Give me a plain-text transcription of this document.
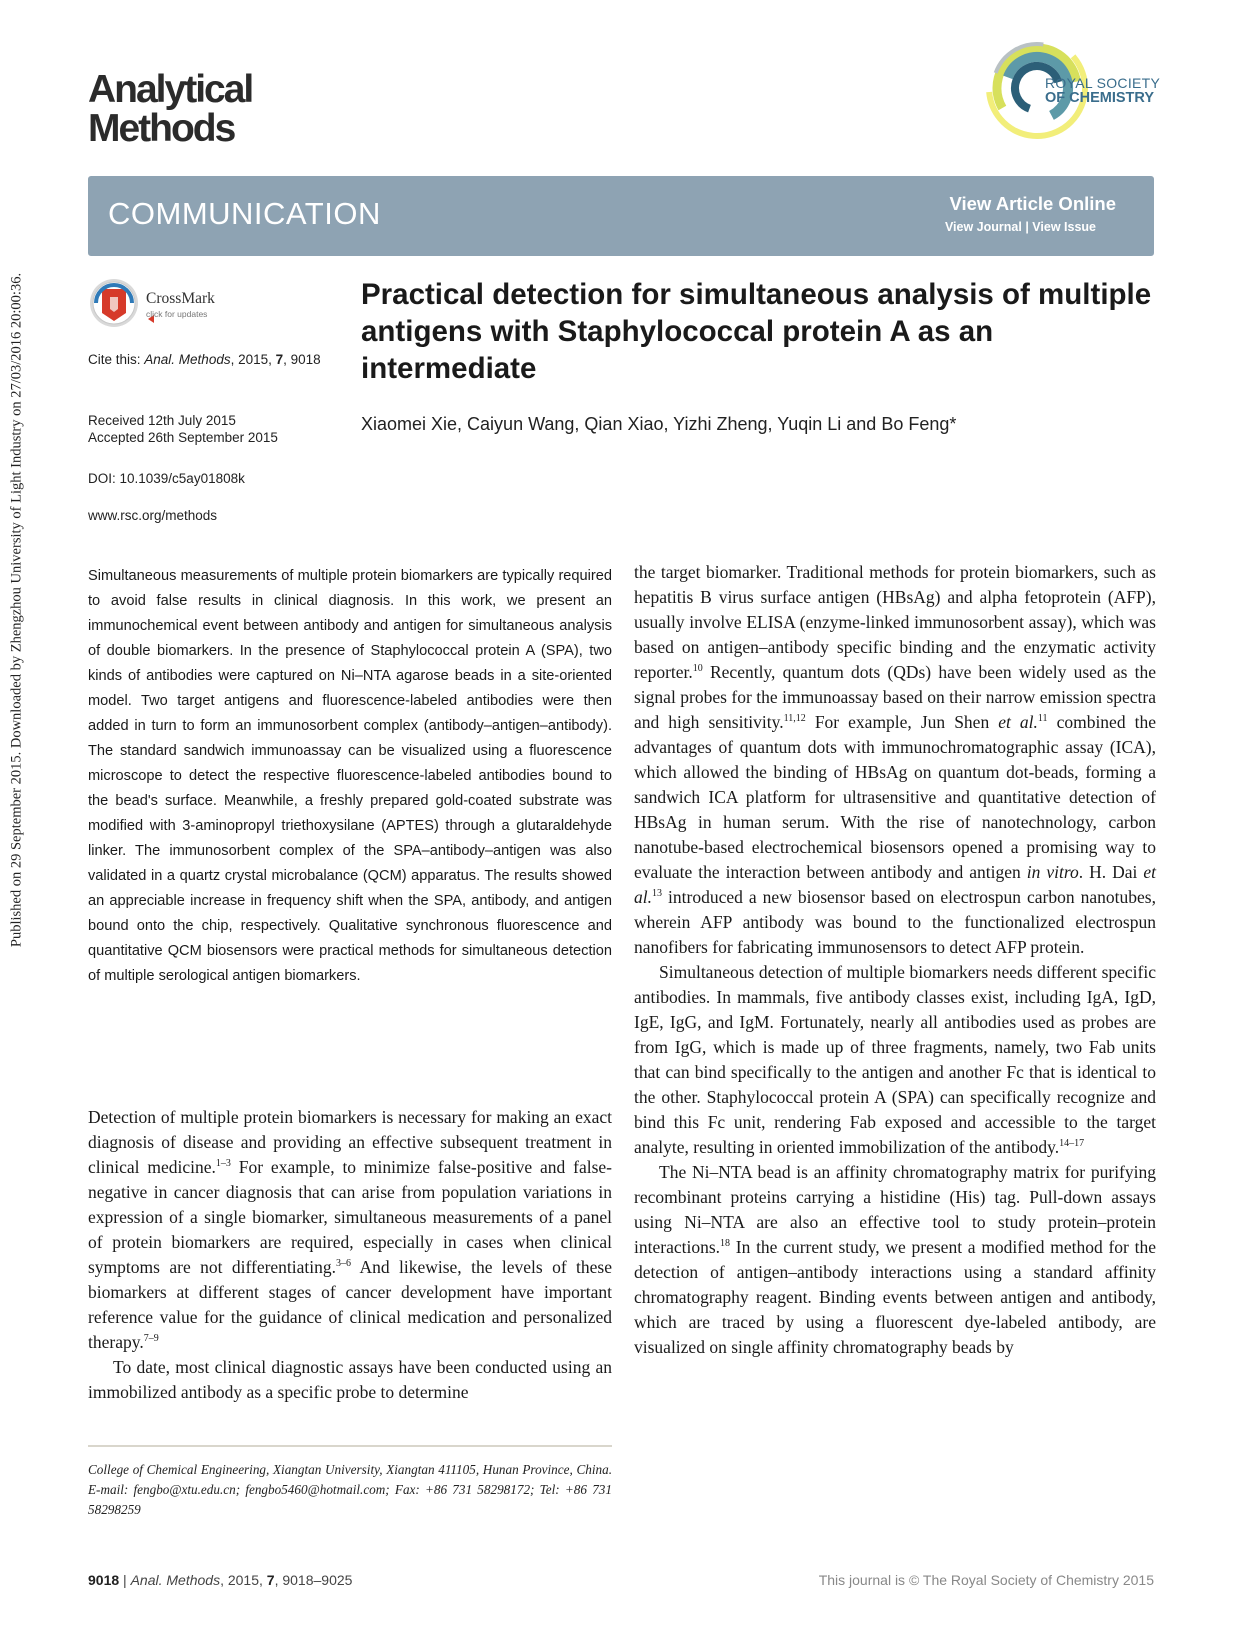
Published on 29 September 2015. Downloaded by Zhengzhou University of Light Industry on 27/03/2016 20:00:36.
Analytical
Methods
ROYAL SOCIETY
OF CHEMISTRY
COMMUNICATION	View Article Online
View Journal | View Issue
CrossMark
click for updates
Cite this: Anal. Methods, 2015, 7, 9018
Received 12th July 2015
Accepted 26th September 2015
DOI: 10.1039/c5ay01808k
www.rsc.org/methods
Practical detection for simultaneous analysis of multiple antigens with Staphylococcal protein A as an intermediate
Xiaomei Xie, Caiyun Wang, Qian Xiao, Yizhi Zheng, Yuqin Li and Bo Feng*
Simultaneous measurements of multiple protein biomarkers are typically required to avoid false results in clinical diagnosis. In this work, we present an immunochemical event between antibody and antigen for simultaneous analysis of double biomarkers. In the presence of Staphylococcal protein A (SPA), two kinds of antibodies were captured on Ni–NTA agarose beads in a site-oriented model. Two target antigens and fluorescence-labeled antibodies were then added in turn to form an immunosorbent complex (antibody–antigen–antibody). The standard sandwich immunoassay can be visualized using a fluorescence microscope to detect the respective fluorescence-labeled antibodies bound to the bead's surface. Meanwhile, a freshly prepared gold-coated substrate was modified with 3-aminopropyl triethoxysilane (APTES) through a glutaraldehyde linker. The immunosorbent complex of the SPA–antibody–antigen was also validated in a quartz crystal microbalance (QCM) apparatus. The results showed an appreciable increase in frequency shift when the SPA, antibody, and antigen bound onto the chip, respectively. Qualitative synchronous fluorescence and quantitative QCM biosensors were practical methods for simultaneous detection of multiple serological antigen biomarkers.

Detection of multiple protein biomarkers is necessary for making an exact diagnosis of disease and providing an effective subsequent treatment in clinical medicine.$^{1-3}$ For example, to minimize false-positive and false-negative in cancer diagnosis that can arise from population variations in expression of a single biomarker, simultaneous measurements of a panel of protein biomarkers are required, especially in cases when clinical symptoms are not differentiating.$^{3-6}$ And likewise, the levels of these biomarkers at different stages of cancer development have important reference value for the guidance of clinical medication and personalized therapy.$^{7-9}$

To date, most clinical diagnostic assays have been conducted using an immobilized antibody as a specific probe to determine

the target biomarker. Traditional methods for protein biomarkers, such as hepatitis B virus surface antigen (HBsAg) and alpha fetoprotein (AFP), usually involve ELISA (enzyme-linked immunosorbent assay), which was based on antigen–antibody specific binding and the enzymatic activity reporter.$^{10}$ Recently, quantum dots (QDs) have been widely used as the signal probes for the immunoassay based on their narrow emission spectra and high sensitivity.$^{11,12}$ For example, Jun Shen et al.$^{11}$ combined the advantages of quantum dots with immunochromatographic assay (ICA), which allowed the binding of HBsAg on quantum dot-beads, forming a sandwich ICA platform for ultrasensitive and quantitative detection of HBsAg in human serum. With the rise of nanotechnology, carbon nanotube-based electrochemical biosensors opened a promising way to evaluate the interaction between antibody and antigen in vitro. H. Dai et al.$^{13}$ introduced a new biosensor based on electrospun carbon nanotubes, wherein AFP antibody was bound to the functionalized electrospun nanofibers for fabricating immunosensors to detect AFP protein.

Simultaneous detection of multiple biomarkers needs different specific antibodies. In mammals, five antibody classes exist, including IgA, IgD, IgE, IgG, and IgM. Fortunately, nearly all antibodies used as probes are from IgG, which is made up of three fragments, namely, two Fab units that can bind specifically to the antigen and another Fc that is identical to the other. Staphylococcal protein A (SPA) can specifically recognize and bind this Fc unit, rendering Fab exposed and accessible to the target analyte, resulting in oriented immobilization of the antibody.$^{14-17}$

The Ni–NTA bead is an affinity chromatography matrix for purifying recombinant proteins carrying a histidine (His) tag. Pull-down assays using Ni–NTA are also an effective tool to study protein–protein interactions.$^{18}$ In the current study, we present a modified method for the detection of antigen–antibody interactions using a standard affinity chromatography reagent. Binding events between antigen and antibody, which are traced by using a fluorescent dye-labeled antibody, are visualized on single affinity chromatography beads by

College of Chemical Engineering, Xiangtan University, Xiangtan 411105, Hunan Province, China. E-mail: fengbo@xtu.edu.cn; fengbo5460@hotmail.com; Fax: +86 731 58298172; Tel: +86 731 58298259
9018 | Anal. Methods, 2015, 7, 9018–9025	This journal is © The Royal Society of Chemistry 2015
